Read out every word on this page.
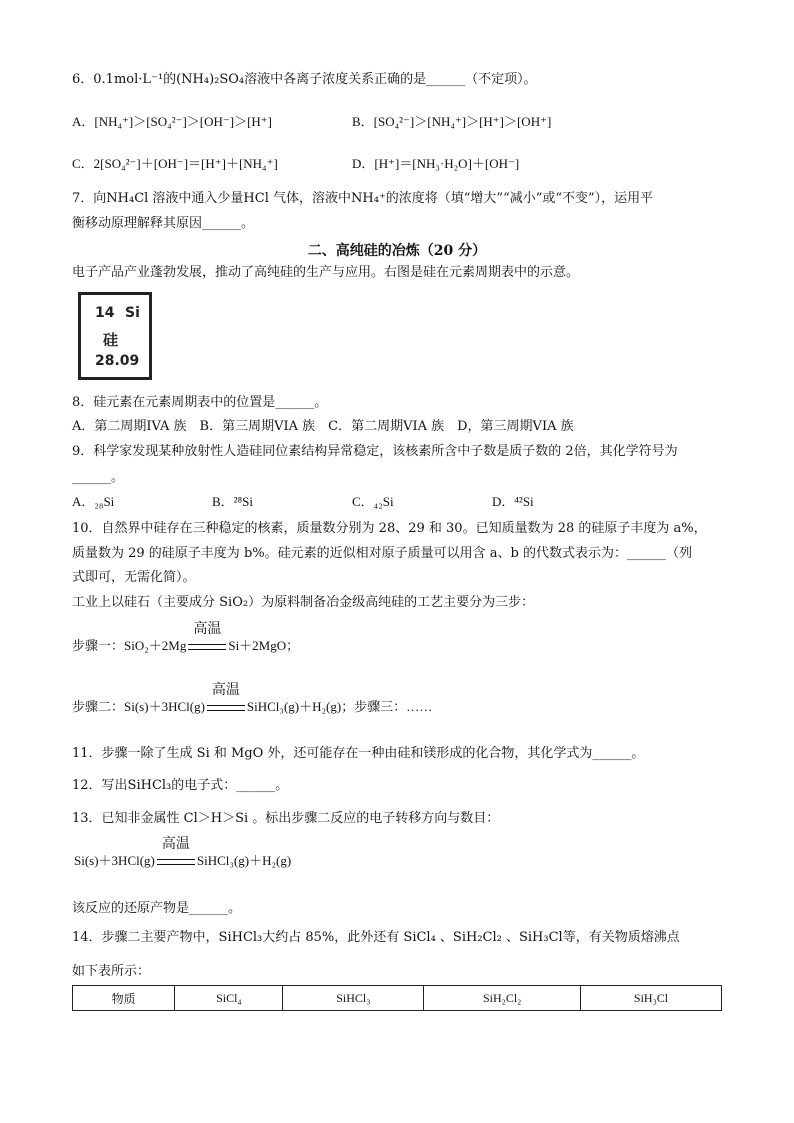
6．0.1mol·L⁻¹的(NH₄)₂SO₄溶液中各离子浓度关系正确的是______（不定项）。
A．[NH₄⁺]＞[SO₄²⁻]＞[OH⁻]＞[H⁺]	B．[SO₄²⁻]＞[NH₄⁺]＞[H⁺]＞[OH⁺]
C．2[SO₄²⁻]＋[OH⁻]＝[H⁺]＋[NH₄⁺]	D．[H⁺]＝[NH₃·H₂O]＋[OH⁻]
7．向NH₄Cl 溶液中通入少量HCl 气体，溶液中NH₄⁺的浓度将（填“增大”“减小”或“不变”），运用平
衡移动原理解释其原因______。
二、高纯硅的冶炼（20 分）
电子产品产业蓬勃发展，推动了高纯硅的生产与应用。右图是硅在元素周期表中的示意。
14 Si
硅
28.09
8．硅元素在元素周期表中的位置是______。
A．第二周期IVA 族　B．第三周期VIA 族　C．第二周期VIA 族　D，第三周期VIA 族
9．科学家发现某种放射性人造硅同位素结构异常稳定，该核素所含中子数是质子数的 2倍，其化学符号为
______。
A．₂₈Si	B．²⁸Si	C．₄₂Si	D．⁴²Si
10．自然界中硅存在三种稳定的核素，质量数分别为 28、29 和 30。已知质量数为 28 的硅原子丰度为 a%，
质量数为 29 的硅原子丰度为 b%。硅元素的近似相对原子质量可以用含 a、b 的代数式表示为：______（列
式即可，无需化简）。
工业上以硅石（主要成分 SiO₂）为原料制备冶金级高纯硅的工艺主要分为三步：
步骤一：SiO₂＋2Mg
高温
Si＋2MgO；
步骤二：Si(s)＋3HCl(g)
高温
SiHCl₃(g)＋H₂(g)；步骤三：……
11．步骤一除了生成 Si 和 MgO 外，还可能存在一种由硅和镁形成的化合物，其化学式为______。
12．写出SiHCl₃的电子式：______。
13．已知非金属性 Cl＞H＞Si 。标出步骤二反应的电子转移方向与数目：
Si(s)＋3HCl(g)
高温
SiHCl₃(g)＋H₂(g)
该反应的还原产物是______。
14．步骤二主要产物中，SiHCl₃大约占 85%，此外还有 SiCl₄ 、SiH₂Cl₂ 、SiH₃Cl等，有关物质熔沸点
如下表所示：
物质	SiCl₄	SiHCl₃	SiH₂Cl₂	SiH₃Cl
